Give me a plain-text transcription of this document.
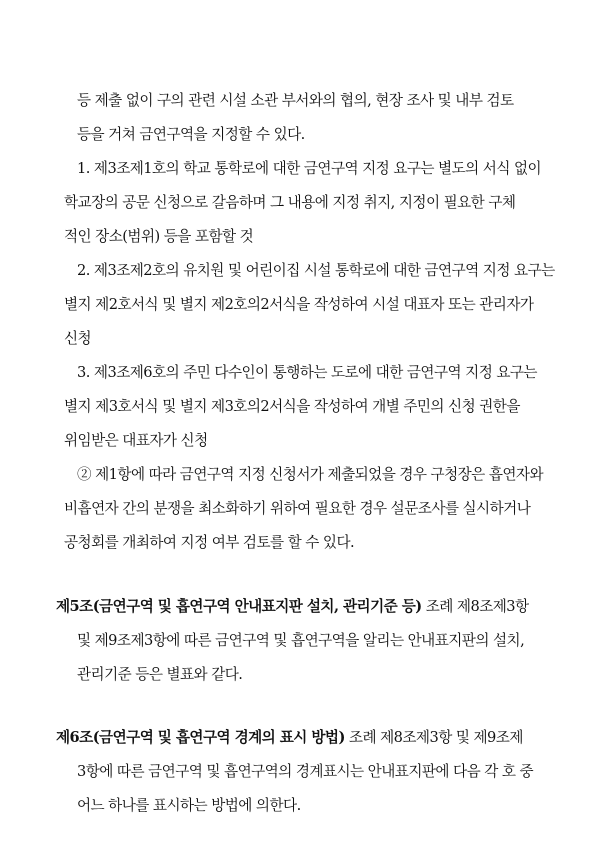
등 제출 없이 구의 관련 시설 소관 부서와의 협의, 현장 조사 및 내부 검토

등을 거쳐 금연구역을 지정할 수 있다.

1. 제3조제1호의 학교 통학로에 대한 금연구역 지정 요구는 별도의 서식 없이

학교장의 공문 신청으로 갈음하며 그 내용에 지정 취지, 지정이 필요한 구체

적인 장소(범위) 등을 포함할 것

2. 제3조제2호의 유치원 및 어린이집 시설 통학로에 대한 금연구역 지정 요구는

별지 제2호서식 및 별지 제2호의2서식을 작성하여 시설 대표자 또는 관리자가

신청

3. 제3조제6호의 주민 다수인이 통행하는 도로에 대한 금연구역 지정 요구는

별지 제3호서식 및 별지 제3호의2서식을 작성하여 개별 주민의 신청 권한을

위임받은 대표자가 신청

② 제1항에 따라 금연구역 지정 신청서가 제출되었을 경우 구청장은 흡연자와

비흡연자 간의 분쟁을 최소화하기 위하여 필요한 경우 설문조사를 실시하거나

공청회를 개최하여 지정 여부 검토를 할 수 있다.

제5조(금연구역 및 흡연구역 안내표지판 설치, 관리기준 등) 조례 제8조제3항

및 제9조제3항에 따른 금연구역 및 흡연구역을 알리는 안내표지판의 설치,

관리기준 등은 별표와 같다.

제6조(금연구역 및 흡연구역 경계의 표시 방법) 조례 제8조제3항 및 제9조제

3항에 따른 금연구역 및 흡연구역의 경계표시는 안내표지판에 다음 각 호 중

어느 하나를 표시하는 방법에 의한다.
